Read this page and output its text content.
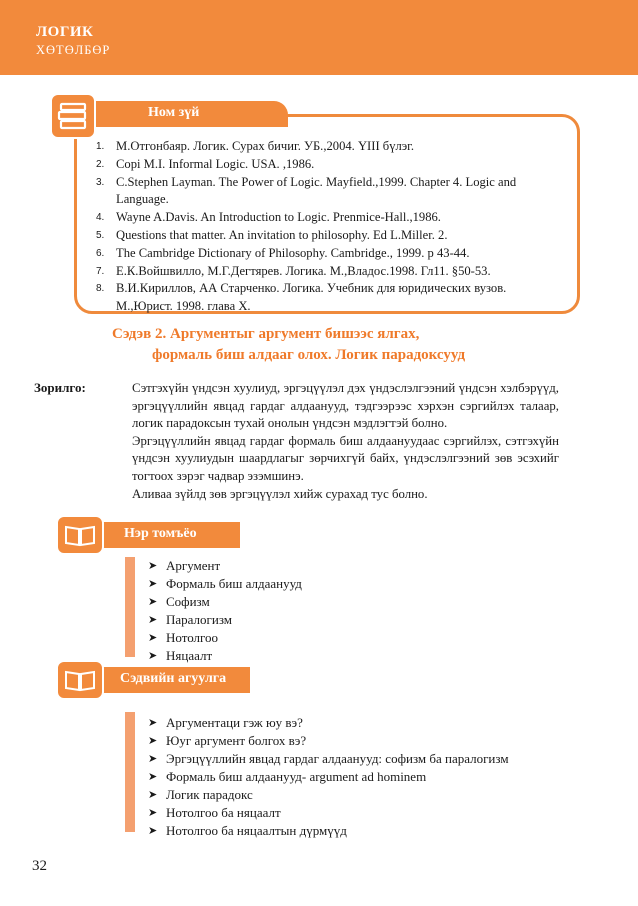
ЛОГИК
ХӨТӨЛБӨР
Ном зүй
1. М.Отгонбаяр. Логик. Сурах бичиг. УБ.,2004. ҮIII бүлэг.
2. Copi M.I. Informal Logic. USA. ,1986.
3. C.Stephen Layman. The Power of Logic. Mayfield.,1999. Chapter 4. Logic and Language.
4. Wayne A.Davis. An Introduction to Logic. Prenmice-Hall.,1986.
5. Questions that matter. An invitation to philosophy. Ed L.Miller. 2.
6. The Cambridge Dictionary of Philosophy. Cambridge., 1999. p 43-44.
7. Е.К.Войшвилло, М.Г.Дегтярев. Логика. М.,Владос.1998. Гл11. §50-53.
8. В.И.Кириллов, АА Старченко. Логика. Учебник для юридических вузов. М.,Юрист. 1998. глава X.
Сэдэв 2. Аргументыг аргумент бишээс ялгах,
формаль биш алдааг олох. Логик парадоксууд
Зорилго:	Сэтгэхүйн үндсэн хуулиуд, эргэцүүлэл дэх үндэслэлгээний үндсэн хэлбэрүүд, эргэцүүллийн явцад гардаг алдаанууд, тэдгээрээс хэрхэн сэргийлэх талаар, логик парадоксын тухай онолын үндсэн мэдлэгтэй болно.

Эргэцүүллийн явцад гардаг формаль биш алдаануудаас сэргийлэх, сэтгэхүйн үндсэн хуулиудын шаардлагыг зөрчихгүй байх, үндэслэлгээний зөв эсэхийг тогтоох зэрэг чадвар эзэмшинэ.

Аливаа зүйлд зөв эргэцүүлэл хийж сурахад тус болно.

Нэр томъёо
➤ Аргумент
➤ Формаль биш алдаанууд
➤ Софизм
➤ Паралогизм
➤ Нотолгоо
➤ Няцаалт
Сэдвийн агуулга
➤ Аргументаци гэж юу вэ?
➤ Юуг аргумент болгох вэ?
➤ Эргэцүүллийн явцад гардаг алдаанууд: софизм ба паралогизм
➤ Формаль биш алдаанууд- argument ad hominem
➤ Логик парадокс
➤ Нотолгоо ба няцаалт
➤ Нотолгоо ба няцаалтын дүрмүүд
32
